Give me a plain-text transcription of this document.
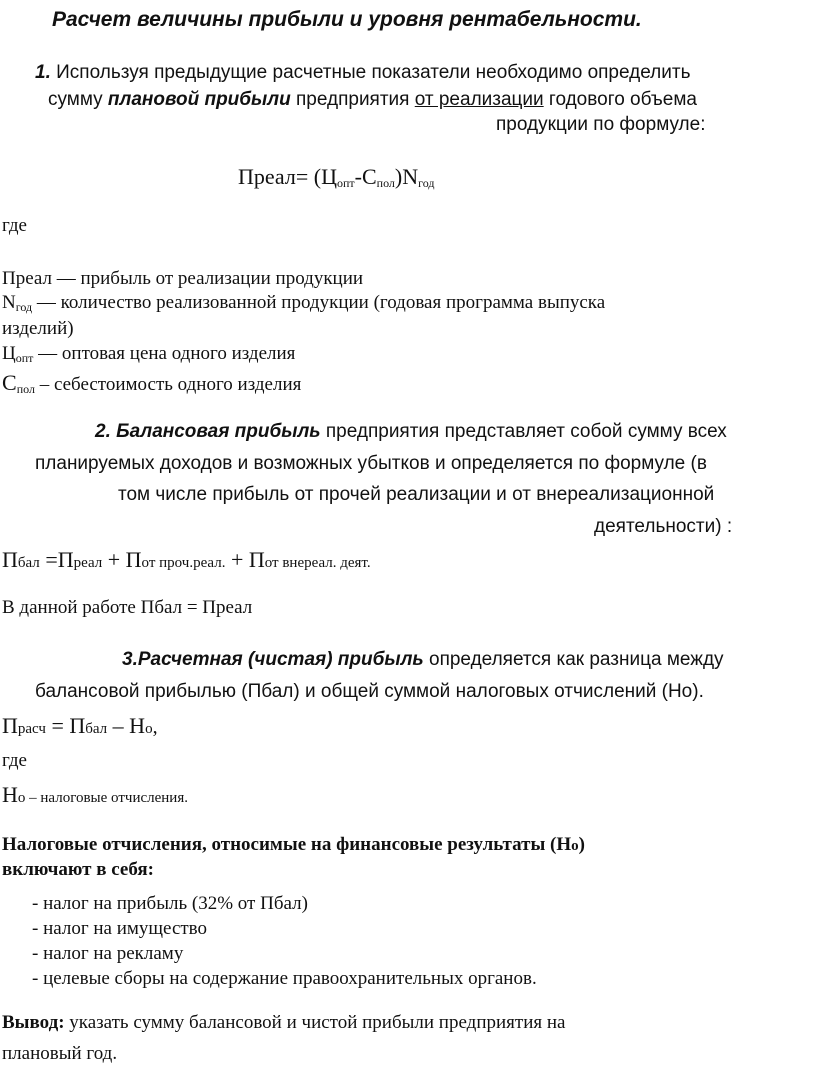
Расчет величины прибыли и уровня рентабельности.
1. Используя предыдущие расчетные показатели необходимо определить
сумму плановой прибыли предприятия от реализации годового объема
продукции по формуле:
Преал= $(Ц_{опт}-С_{пол})N_{год}$
где
Преал — прибыль от реализации продукции
$N_{год}$ — количество реализованной продукции (годовая программа выпуска
изделий)
$Ц_{опт}$ — оптовая цена одного изделия
$С_{пол}$ – себестоимость одного изделия
2. Балансовая прибыль предприятия представляет собой сумму всех
планируемых доходов и возможных убытков и определяется по формуле (в
том числе прибыль от прочей реализации и от внереализационной
деятельности) :
Пбал =Преал + Пот проч.реал. + Пот внереал. деят.
В данной работе Пбал = Преал
3.Расчетная (чистая) прибыль определяется как разница между
балансовой прибылью (Пбал) и общей суммой налоговых отчислений (Но).
Прасч = Пбал – Но,
где
Но – налоговые отчисления.
Налоговые отчисления, относимые на финансовые результаты (Но)
включают в себя:
- налог на прибыль (32% от Пбал)
- налог на имущество
- налог на рекламу
- целевые сборы на содержание правоохранительных органов.
Вывод: указать сумму балансовой и чистой прибыли предприятия на
плановый год.
